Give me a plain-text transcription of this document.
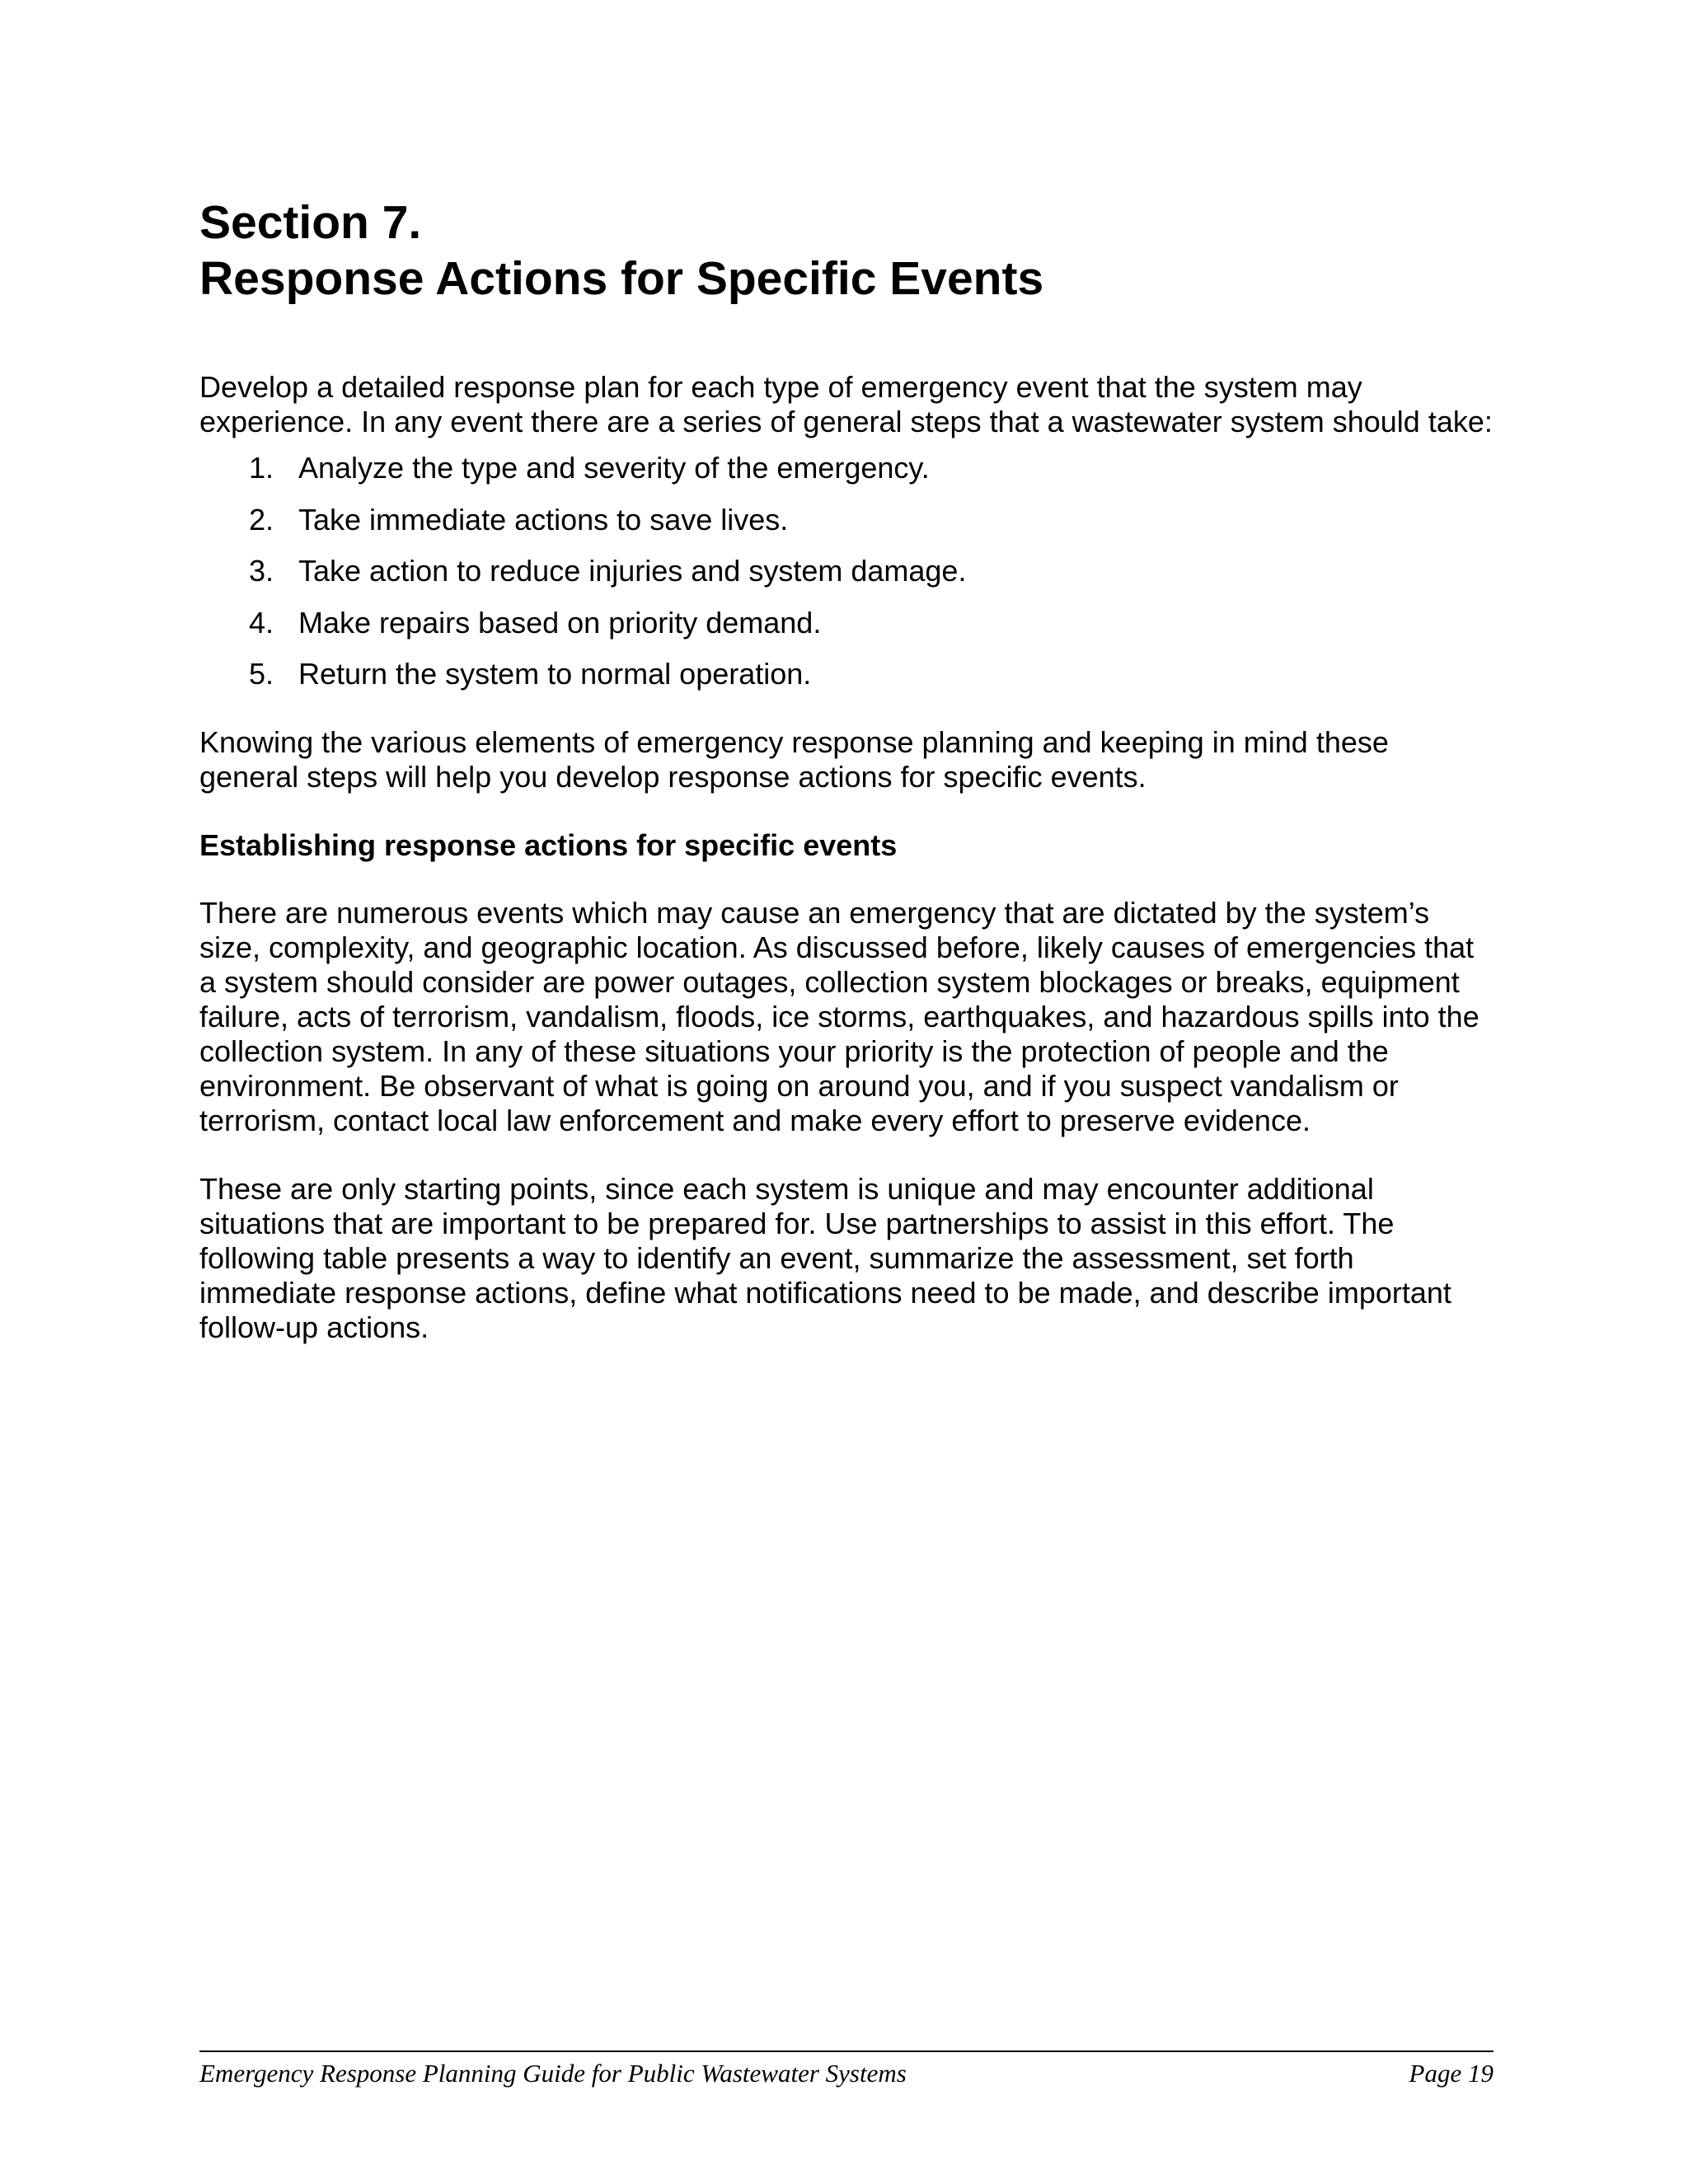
Section 7.
Response Actions for Specific Events

Develop a detailed response plan for each type of emergency event that the system may experience. In any event there are a series of general steps that a wastewater system should take:

1. Analyze the type and severity of the emergency.
2. Take immediate actions to save lives.
3. Take action to reduce injuries and system damage.
4. Make repairs based on priority demand.
5. Return the system to normal operation.

Knowing the various elements of emergency response planning and keeping in mind these general steps will help you develop response actions for specific events.

Establishing response actions for specific events

There are numerous events which may cause an emergency that are dictated by the system’s size, complexity, and geographic location. As discussed before, likely causes of emergencies that a system should consider are power outages, collection system blockages or breaks, equipment failure, acts of terrorism, vandalism, floods, ice storms, earthquakes, and hazardous spills into the collection system. In any of these situations your priority is the protection of people and the environment. Be observant of what is going on around you, and if you suspect vandalism or terrorism, contact local law enforcement and make every effort to preserve evidence.

These are only starting points, since each system is unique and may encounter additional situations that are important to be prepared for. Use partnerships to assist in this effort. The following table presents a way to identify an event, summarize the assessment, set forth immediate response actions, define what notifications need to be made, and describe important follow-up actions.

Emergency Response Planning Guide for Public Wastewater Systems	Page 19
